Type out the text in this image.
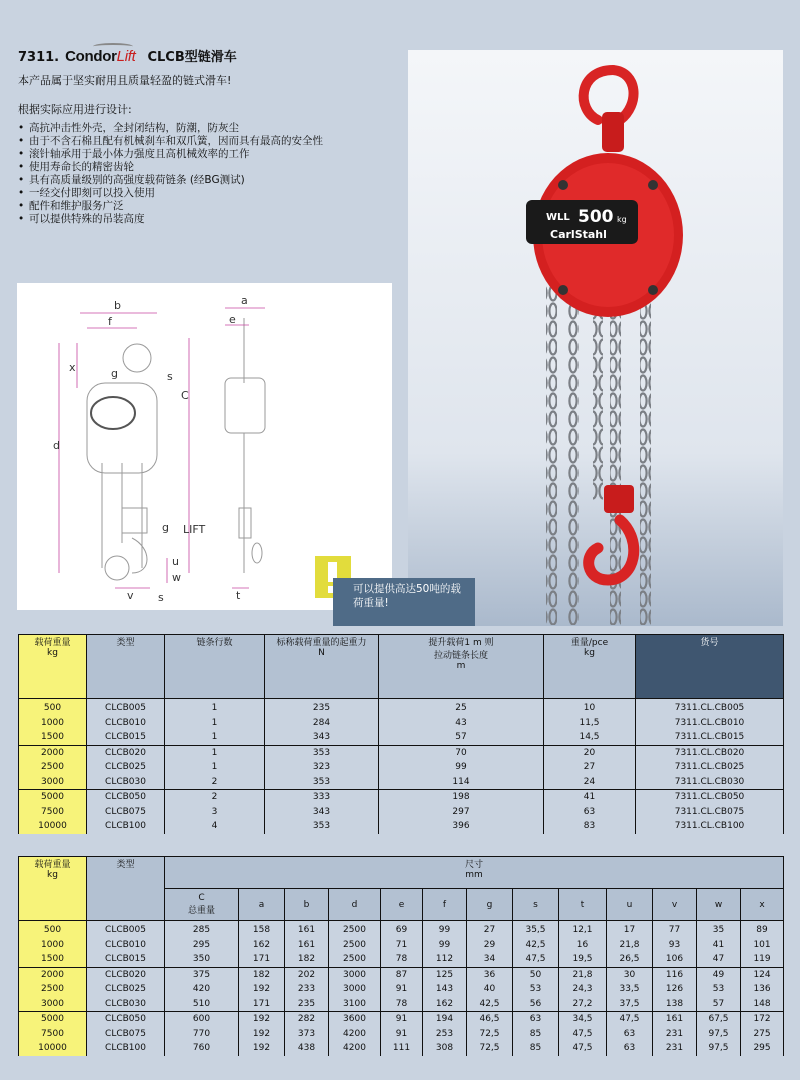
7311. CondorLift CLCB型链滑车
本产品属于坚实耐用且质量轻盈的链式滑车!
根据实际应用进行设计:
• 高抗冲击性外壳，全封闭结构，防潮，防灰尘
• 由于不含石棉且配有机械刹车和双爪簧，因而具有最高的安全性
• 滚针轴承用于最小体力强度且高机械效率的工作
• 使用寿命长的精密齿轮
• 具有高质量级别的高强度载荷链条 (经BG测试)
• 一经交付即刻可以投入使用
• 配件和维护服务广泛
• 可以提供特殊的吊装高度	WLL 500 kg
CarlStahl
b
f
x
d
g	s
a
e
C
LIFT
g
u
w
v s	t	可以提供高达50吨的载荷重量!
载荷重量
kg	类型	链条行数	标称载荷重量的起重力
N	提升载荷1 m 则
拉动链条长度
m	重量/pce
kg	货号
500	CLCB005	1	235	25	10	7311.CL.CB005
1000	CLCB010	1	284	43	11,5	7311.CL.CB010
1500	CLCB015	1	343	57	14,5	7311.CL.CB015
2000	CLCB020	1	353	70	20	7311.CL.CB020
2500	CLCB025	1	323	99	27	7311.CL.CB025
3000	CLCB030	2	353	114	24	7311.CL.CB030
5000	CLCB050	2	333	198	41	7311.CL.CB050
7500	CLCB075	3	343	297	63	7311.CL.CB075
10000	CLCB100	4	353	396	83	7311.CL.CB100
载荷重量
kg	类型	尺寸
mm												
		C
总重量	a	b	d	e	f	g	s	t	u	v	w	x
500	CLCB005	285	158	161	2500	69	99	27	35,5	12,1	17	77	35	89
1000	CLCB010	295	162	161	2500	71	99	29	42,5	16	21,8	93	41	101
1500	CLCB015	350	171	182	2500	78	112	34	47,5	19,5	26,5	106	47	119
2000	CLCB020	375	182	202	3000	87	125	36	50	21,8	30	116	49	124
2500	CLCB025	420	192	233	3000	91	143	40	53	24,3	33,5	126	53	136
3000	CLCB030	510	171	235	3100	78	162	42,5	56	27,2	37,5	138	57	148
5000	CLCB050	600	192	282	3600	91	194	46,5	63	34,5	47,5	161	67,5	172
7500	CLCB075	770	192	373	4200	91	253	72,5	85	47,5	63	231	97,5	275
10000	CLCB100	760	192	438	4200	111	308	72,5	85	47,5	63	231	97,5	295
